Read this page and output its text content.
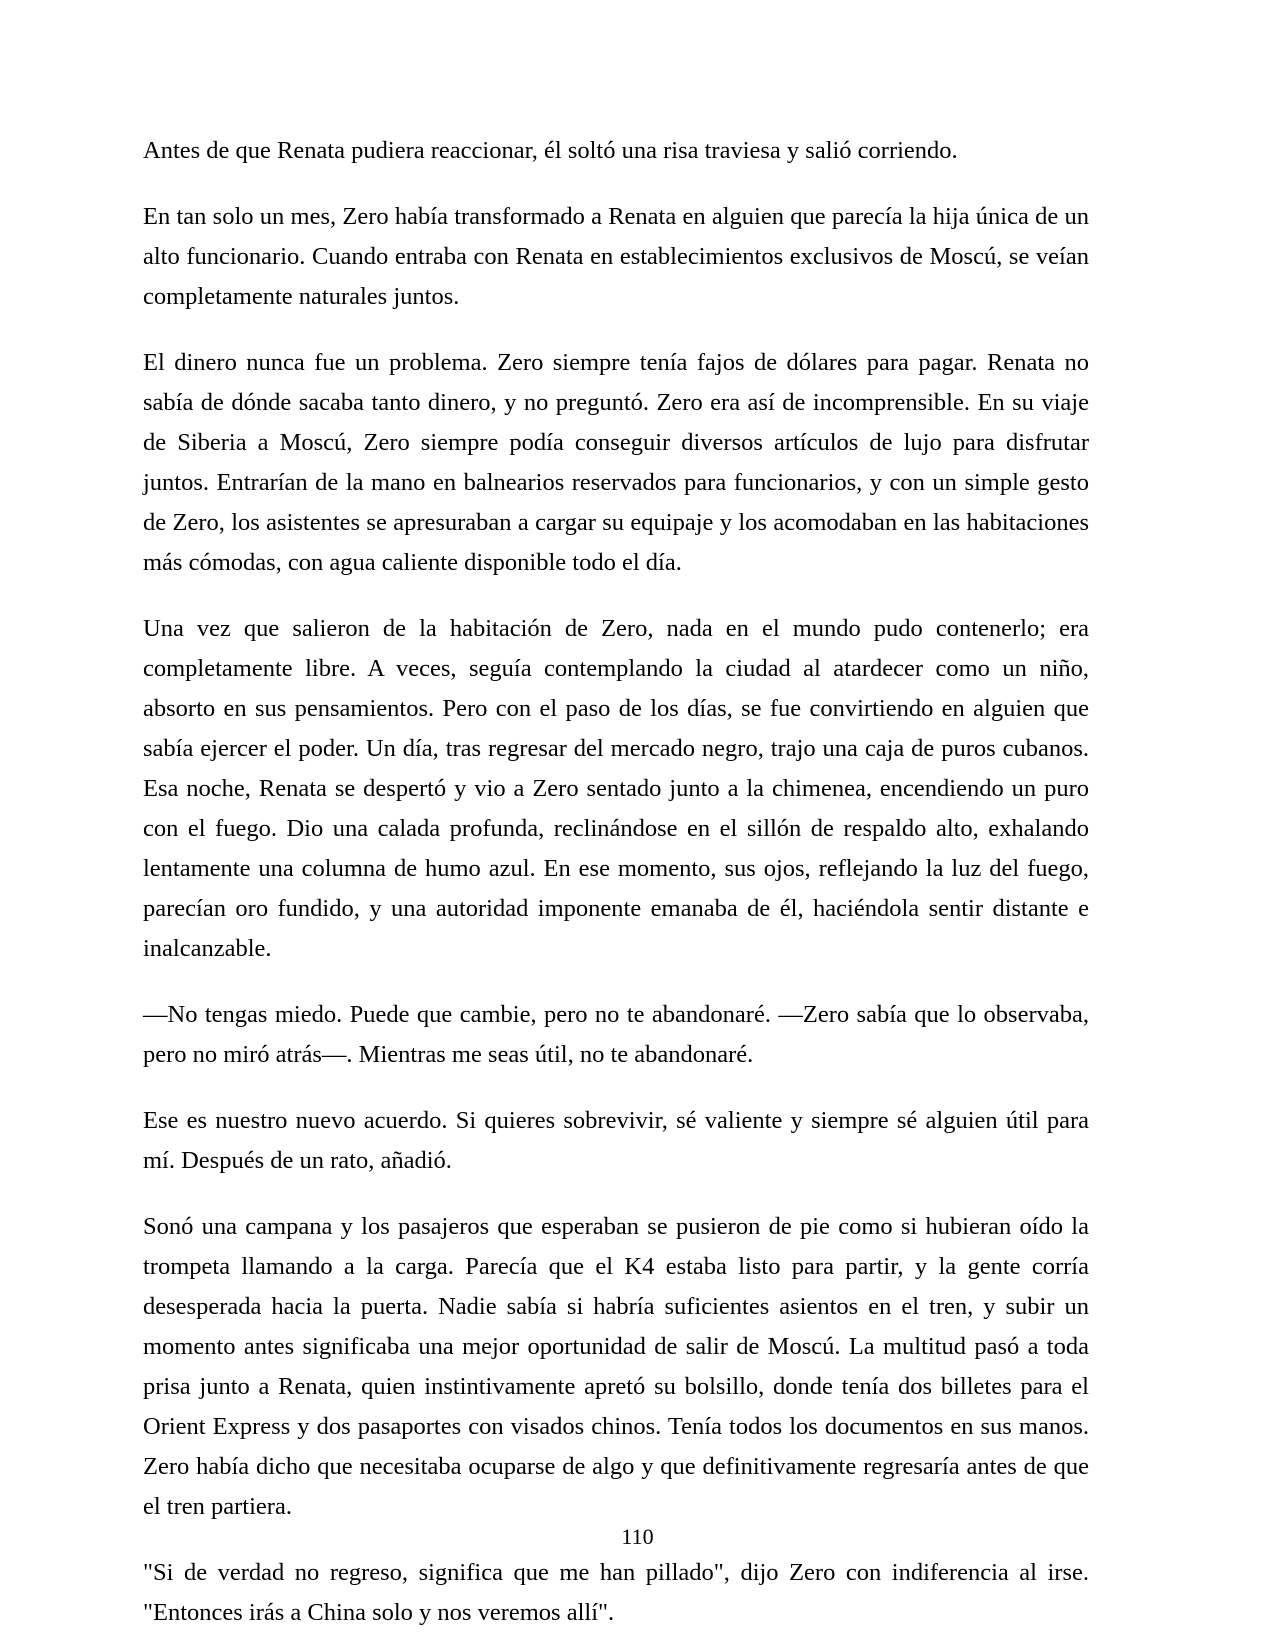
Antes de que Renata pudiera reaccionar, él soltó una risa traviesa y salió corriendo.

En tan solo un mes, Zero había transformado a Renata en alguien que parecía la hija única de un alto funcionario. Cuando entraba con Renata en establecimientos exclusivos de Moscú, se veían completamente naturales juntos.

El dinero nunca fue un problema. Zero siempre tenía fajos de dólares para pagar. Renata no sabía de dónde sacaba tanto dinero, y no preguntó. Zero era así de incomprensible. En su viaje de Siberia a Moscú, Zero siempre podía conseguir diversos artículos de lujo para disfrutar juntos. Entrarían de la mano en balnearios reservados para funcionarios, y con un simple gesto de Zero, los asistentes se apresuraban a cargar su equipaje y los acomodaban en las habitaciones más cómodas, con agua caliente disponible todo el día.

Una vez que salieron de la habitación de Zero, nada en el mundo pudo contenerlo; era completamente libre. A veces, seguía contemplando la ciudad al atardecer como un niño, absorto en sus pensamientos. Pero con el paso de los días, se fue convirtiendo en alguien que sabía ejercer el poder. Un día, tras regresar del mercado negro, trajo una caja de puros cubanos. Esa noche, Renata se despertó y vio a Zero sentado junto a la chimenea, encendiendo un puro con el fuego. Dio una calada profunda, reclinándose en el sillón de respaldo alto, exhalando lentamente una columna de humo azul. En ese momento, sus ojos, reflejando la luz del fuego, parecían oro fundido, y una autoridad imponente emanaba de él, haciéndola sentir distante e inalcanzable.

—No tengas miedo. Puede que cambie, pero no te abandonaré. —Zero sabía que lo observaba, pero no miró atrás—. Mientras me seas útil, no te abandonaré.

Ese es nuestro nuevo acuerdo. Si quieres sobrevivir, sé valiente y siempre sé alguien útil para mí. Después de un rato, añadió.

Sonó una campana y los pasajeros que esperaban se pusieron de pie como si hubieran oído la trompeta llamando a la carga. Parecía que el K4 estaba listo para partir, y la gente corría desesperada hacia la puerta. Nadie sabía si habría suficientes asientos en el tren, y subir un momento antes significaba una mejor oportunidad de salir de Moscú. La multitud pasó a toda prisa junto a Renata, quien instintivamente apretó su bolsillo, donde tenía dos billetes para el Orient Express y dos pasaportes con visados chinos. Tenía todos los documentos en sus manos. Zero había dicho que necesitaba ocuparse de algo y que definitivamente regresaría antes de que el tren partiera.

"Si de verdad no regreso, significa que me han pillado", dijo Zero con indiferencia al irse. "Entonces irás a China solo y nos veremos allí".

110
